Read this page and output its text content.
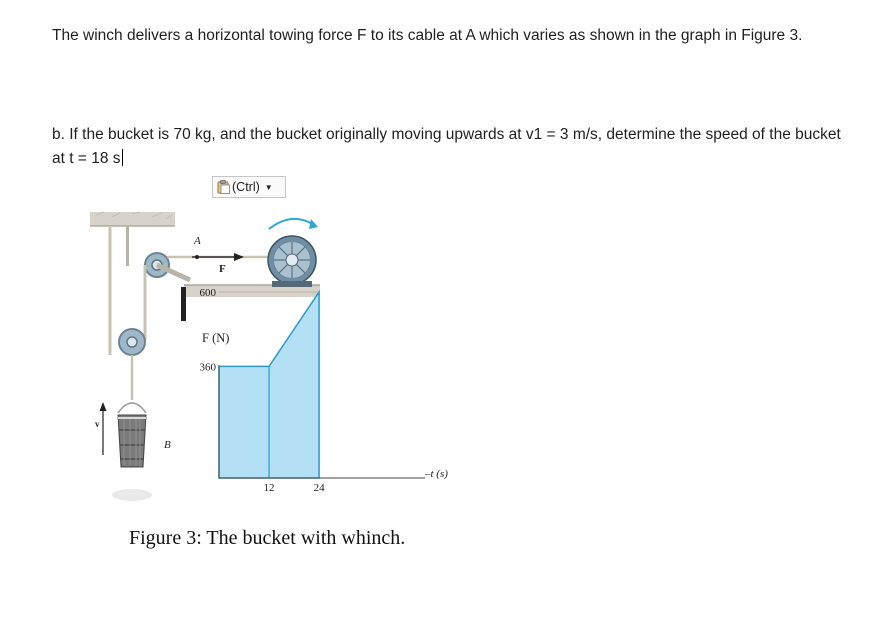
The winch delivers a horizontal towing force F to its cable at A which varies as shown in the graph in Figure 3.

b. If the bucket is 70 kg, and the bucket originally moving upwards at v1 = 3 m/s, determine the speed of the bucket at t = 18 s

(Ctrl) ▼
B
v
A
F
360
600
12	24
F (N)
–t (s)

Figure 3: The bucket with whinch.
